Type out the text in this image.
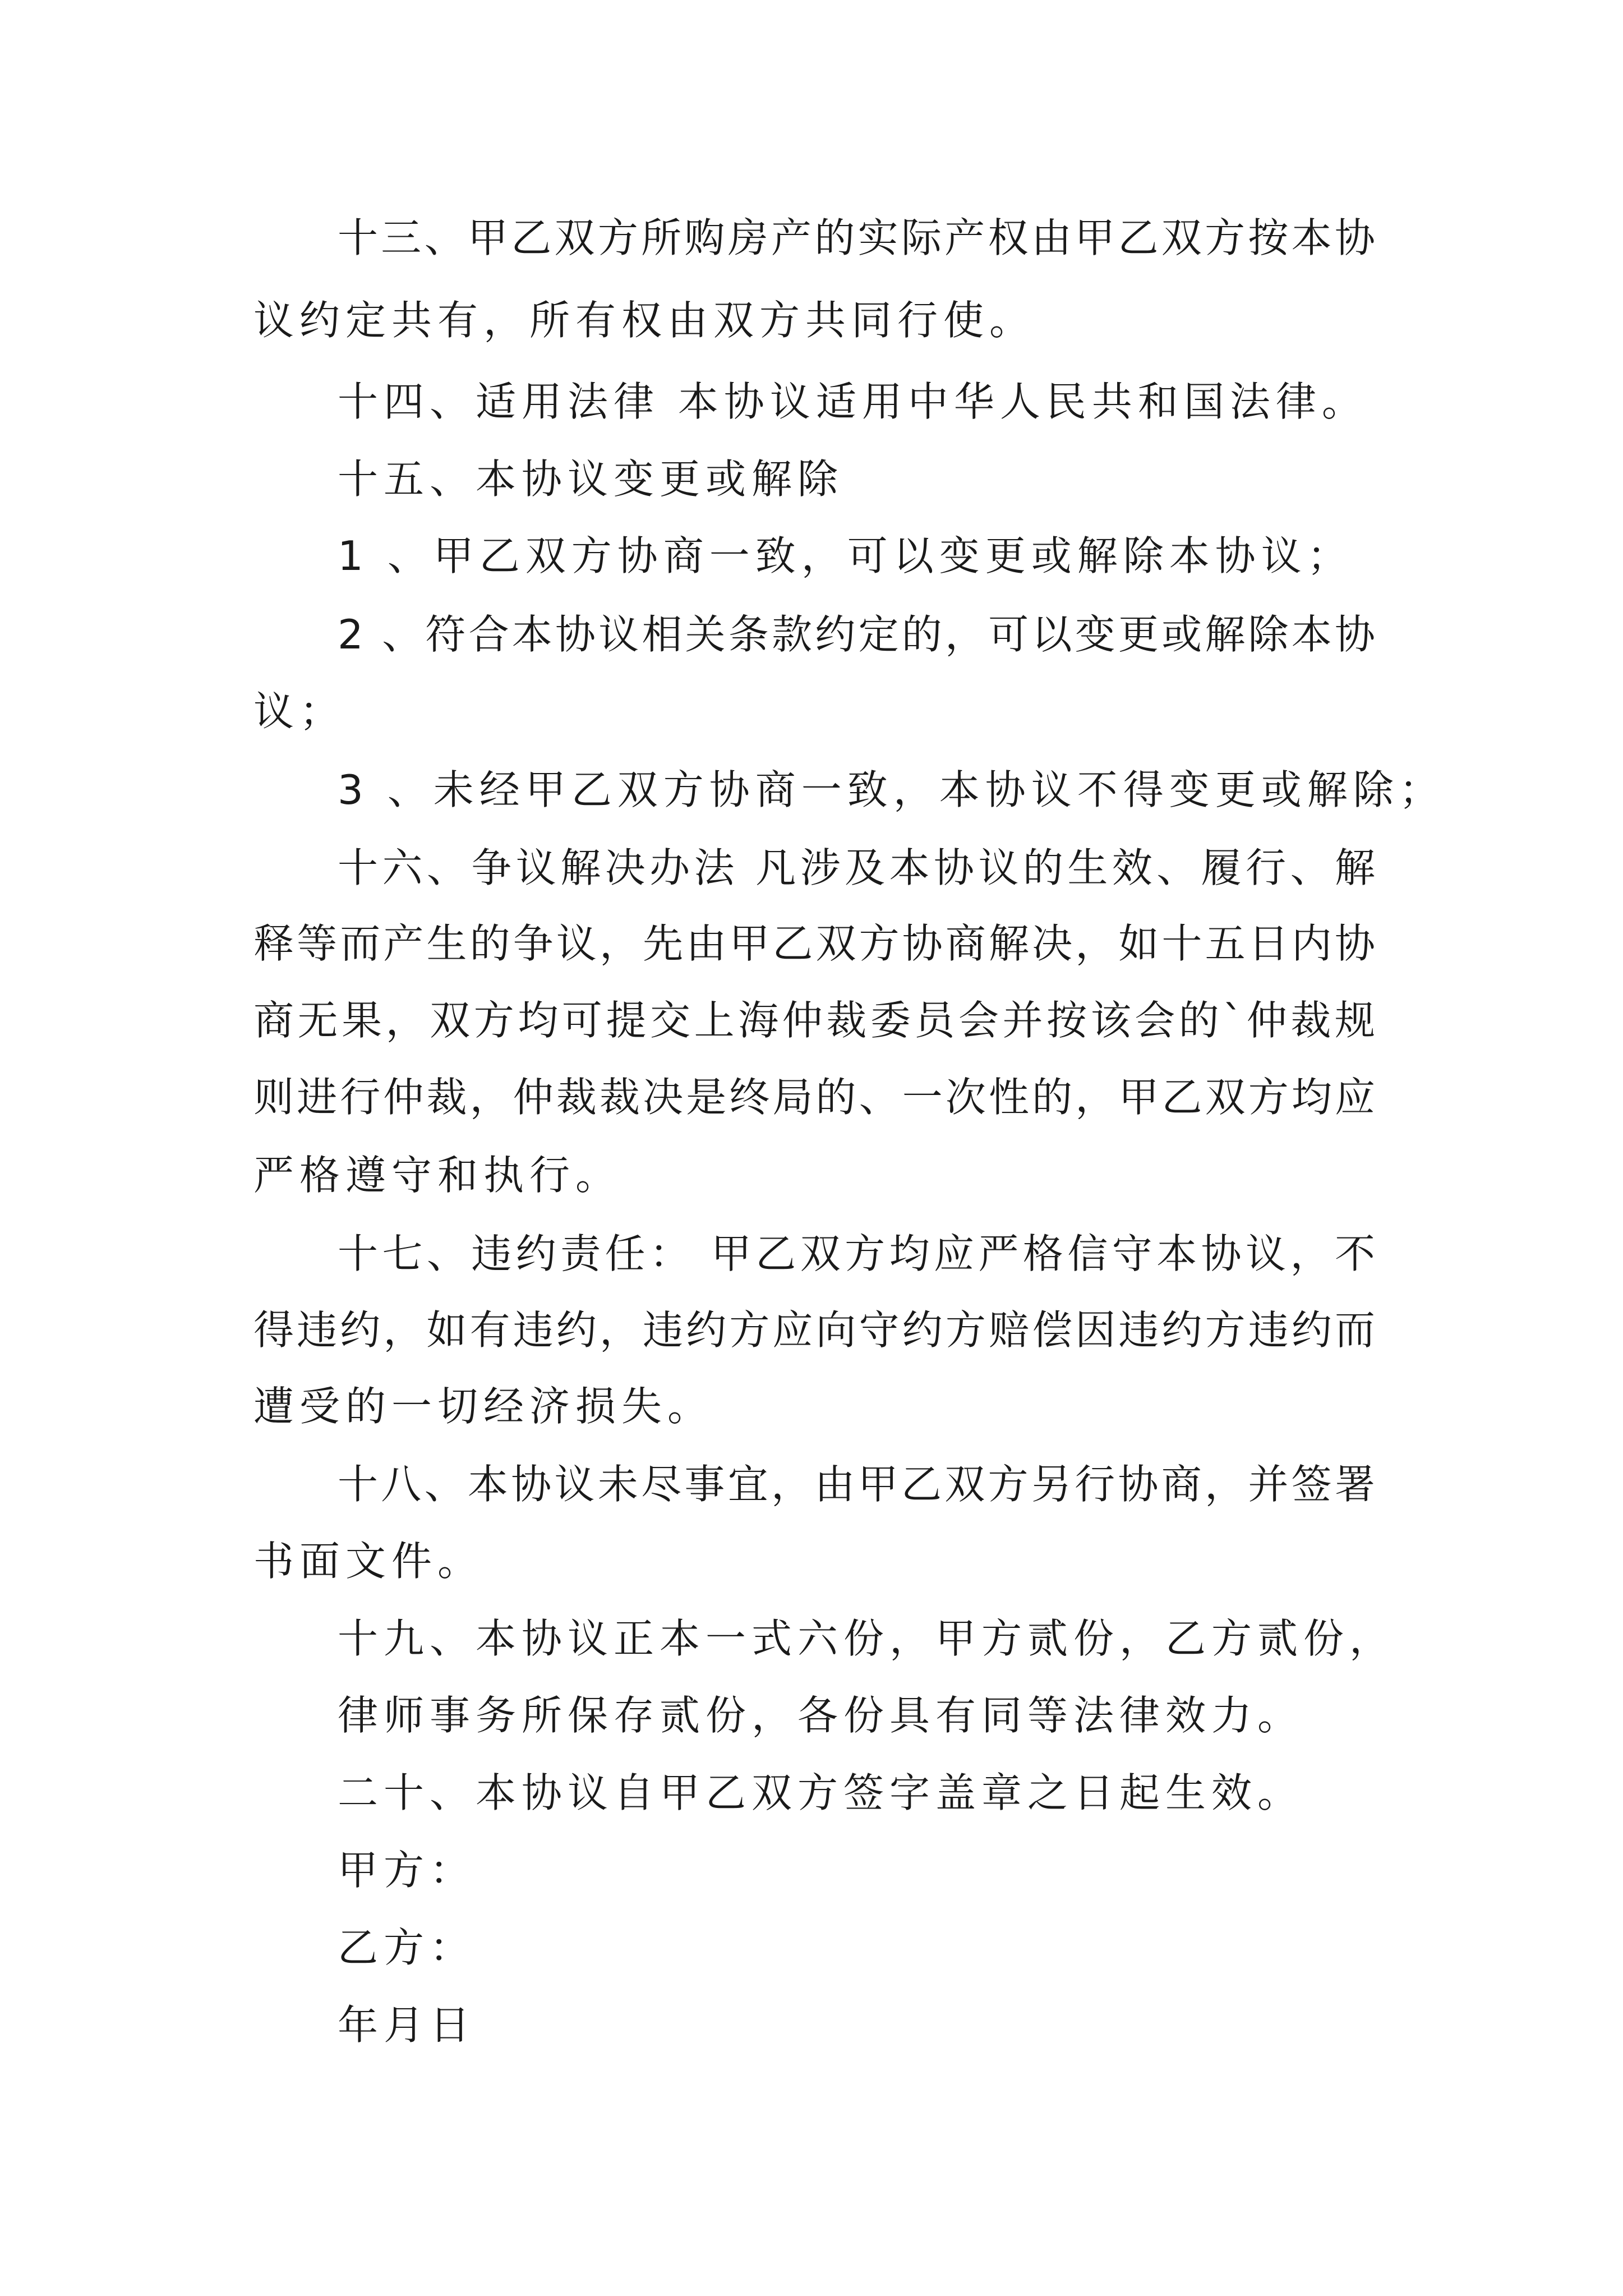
十三、甲乙双方所购房产的实际产权由甲乙双方按本协
议约定共有，所有权由双方共同行使。
十四、适用法律 本协议适用中华人民共和国法律。
十五、本协议变更或解除
1 、甲乙双方协商一致，可以变更或解除本协议；
2 、符合本协议相关条款约定的，可以变更或解除本协
议；
3 、未经甲乙双方协商一致，本协议不得变更或解除；
十六、争议解决办法 凡涉及本协议的生效、履行、解
释等而产生的争议，先由甲乙双方协商解决，如十五日内协
商无果，双方均可提交上海仲裁委员会并按该会的`仲裁规
则进行仲裁，仲裁裁决是终局的、一次性的，甲乙双方均应
严格遵守和执行。
十七、违约责任： 甲乙双方均应严格信守本协议，不
得违约，如有违约，违约方应向守约方赔偿因违约方违约而
遭受的一切经济损失。
十八、本协议未尽事宜，由甲乙双方另行协商，并签署
书面文件。
十九、本协议正本一式六份，甲方贰份，乙方贰份，
律师事务所保存贰份，各份具有同等法律效力。
二十、本协议自甲乙双方签字盖章之日起生效。
甲方：
乙方：
年月日
